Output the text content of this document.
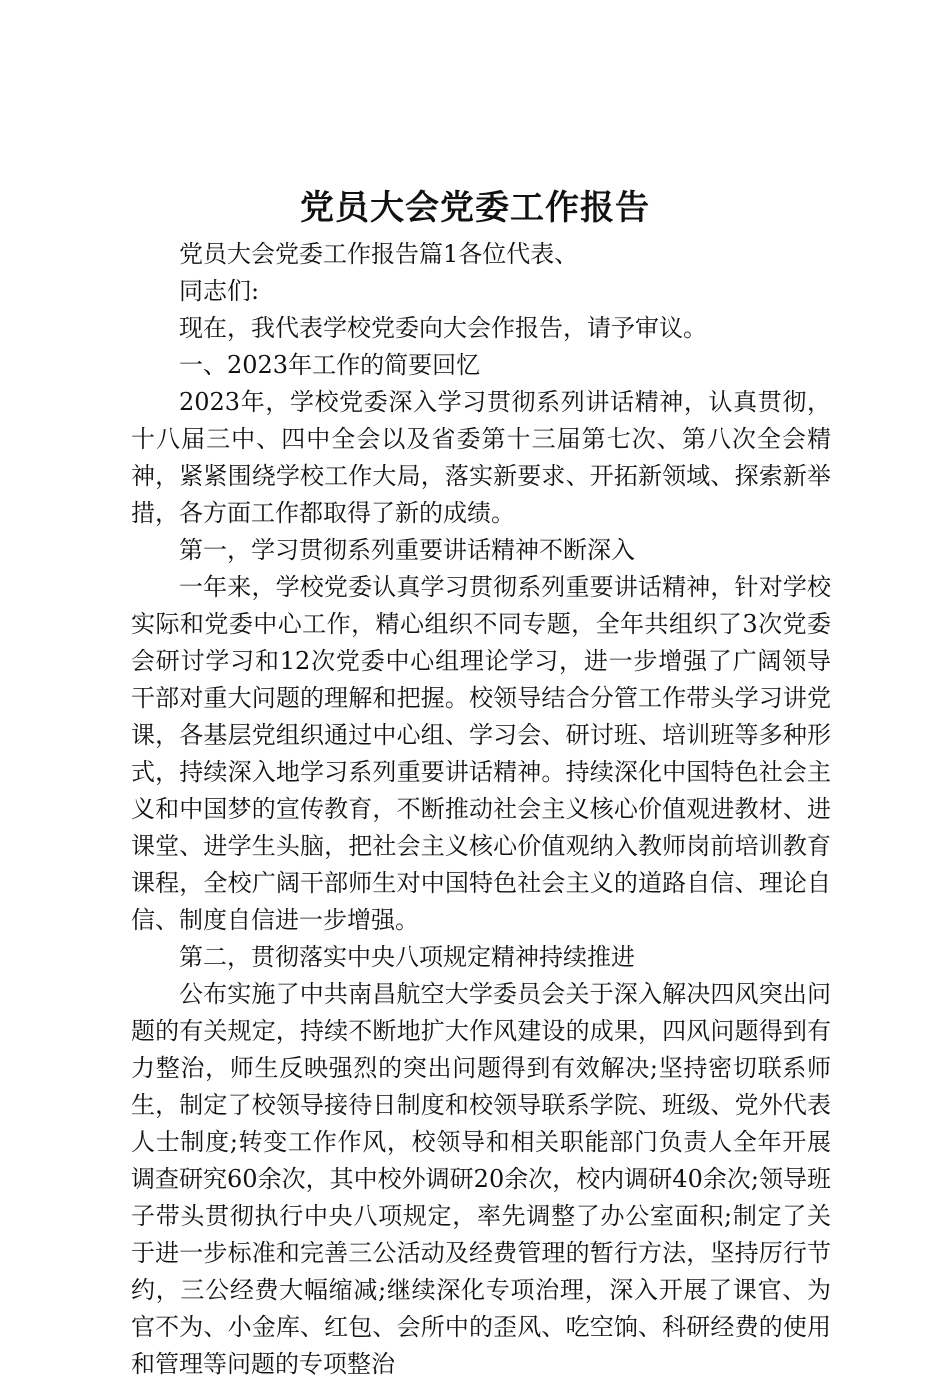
党员大会党委工作报告

党员大会党委工作报告篇1各位代表、

同志们:

现在，我代表学校党委向大会作报告，请予审议。

一、2023年工作的简要回忆

2023年，学校党委深入学习贯彻系列讲话精神，认真贯彻，十八届三中、四中全会以及省委第十三届第七次、第八次全会精神，紧紧围绕学校工作大局，落实新要求、开拓新领域、探索新举措，各方面工作都取得了新的成绩。

第一，学习贯彻系列重要讲话精神不断深入

一年来，学校党委认真学习贯彻系列重要讲话精神，针对学校实际和党委中心工作，精心组织不同专题，全年共组织了3次党委会研讨学习和12次党委中心组理论学习，进一步增强了广阔领导干部对重大问题的理解和把握。校领导结合分管工作带头学习讲党课，各基层党组织通过中心组、学习会、研讨班、培训班等多种形式，持续深入地学习系列重要讲话精神。持续深化中国特色社会主义和中国梦的宣传教育，不断推动社会主义核心价值观进教材、进课堂、进学生头脑，把社会主义核心价值观纳入教师岗前培训教育课程，全校广阔干部师生对中国特色社会主义的道路自信、理论自信、制度自信进一步增强。

第二，贯彻落实中央八项规定精神持续推进

公布实施了中共南昌航空大学委员会关于深入解决四风突出问题的有关规定，持续不断地扩大作风建设的成果，四风问题得到有力整治，师生反映强烈的突出问题得到有效解决;坚持密切联系师生，制定了校领导接待日制度和校领导联系学院、班级、党外代表人士制度;转变工作作风，校领导和相关职能部门负责人全年开展调查研究60余次，其中校外调研20余次，校内调研40余次;领导班子带头贯彻执行中央八项规定，率先调整了办公室面积;制定了关于进一步标准和完善三公活动及经费管理的暂行方法，坚持厉行节约，三公经费大幅缩减;继续深化专项治理，深入开展了课官、为官不为、小金库、红包、会所中的歪风、吃空饷、科研经费的使用和管理等问题的专项整治
